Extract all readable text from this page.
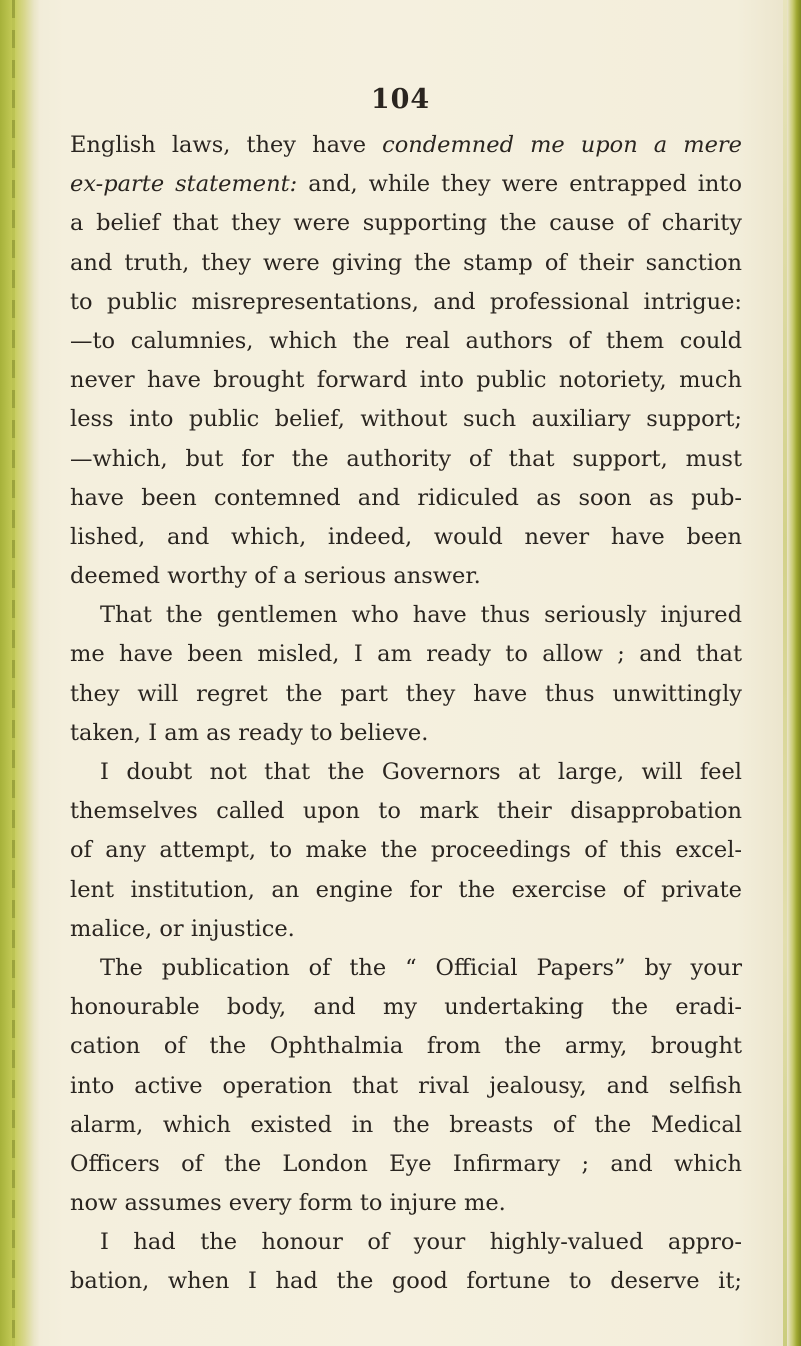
104
English laws, they have condemned me upon a mere
ex-parte statement: and, while they were entrapped into
a belief that they were supporting the cause of charity
and truth, they were giving the stamp of their sanction
to public misrepresentations, and professional intrigue:
—to calumnies, which the real authors of them could
never have brought forward into public notoriety, much
less into public belief, without such auxiliary support;
—which, but for the authority of that support, must
have been contemned and ridiculed as soon as pub-
lished, and which, indeed, would never have been
deemed worthy of a serious answer.
That the gentlemen who have thus seriously injured
me have been misled, I am ready to allow ; and that
they will regret the part they have thus unwittingly
taken, I am as ready to believe.
I doubt not that the Governors at large, will feel
themselves called upon to mark their disapprobation
of any attempt, to make the proceedings of this excel-
lent institution, an engine for the exercise of private
malice, or injustice.
The publication of the “ Official Papers” by your
honourable body, and my undertaking the eradi-
cation of the Ophthalmia from the army, brought
into active operation that rival jealousy, and selfish
alarm, which existed in the breasts of the Medical
Officers of the London Eye Infirmary ; and which
now assumes every form to injure me.
I had the honour of your highly-valued appro-
bation, when I had the good fortune to deserve it;
